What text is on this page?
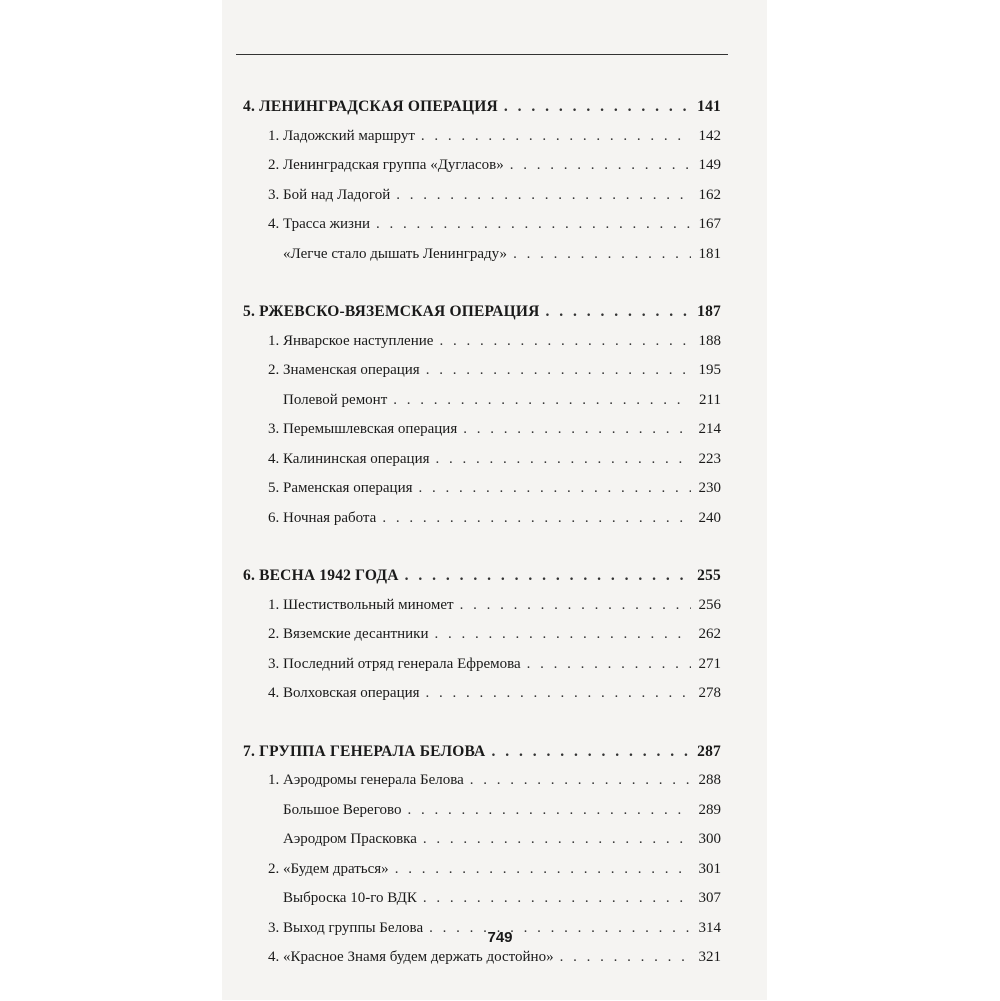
4. ЛЕНИНГРАДСКАЯ ОПЕРАЦИЯ . . .	141
1. Ладожский маршрут . . .	142
2. Ленинградская группа «Дугласов» . . .	149
3. Бой над Ладогой . . .	162
4. Трасса жизни . . .	167
«Легче стало дышать Ленинграду» . . .	181
5. РЖЕВСКО-ВЯЗЕМСКАЯ ОПЕРАЦИЯ . . .	187
1. Январское наступление . . .	188
2. Знаменская операция . . .	195
Полевой ремонт . . .	211
3. Перемышлевская операция . . .	214
4. Калининская операция . . .	223
5. Раменская операция . . .	230
6. Ночная работа . . .	240
6. ВЕСНА 1942 ГОДА . . .	255
1. Шестиствольный миномет . . .	256
2. Вяземские десантники . . .	262
3. Последний отряд генерала Ефремова . . .	271
4. Волховская операция . . .	278
7. ГРУППА ГЕНЕРАЛА БЕЛОВА . . .	287
1. Аэродромы генерала Белова . . .	288
Большое Верегово . . .	289
Аэродром Прасковка . . .	300
2. «Будем драться» . . .	301
Выброска 10-го ВДК . . .	307
3. Выход группы Белова . . .	314
4. «Красное Знамя будем держать достойно» . . .	321
749
